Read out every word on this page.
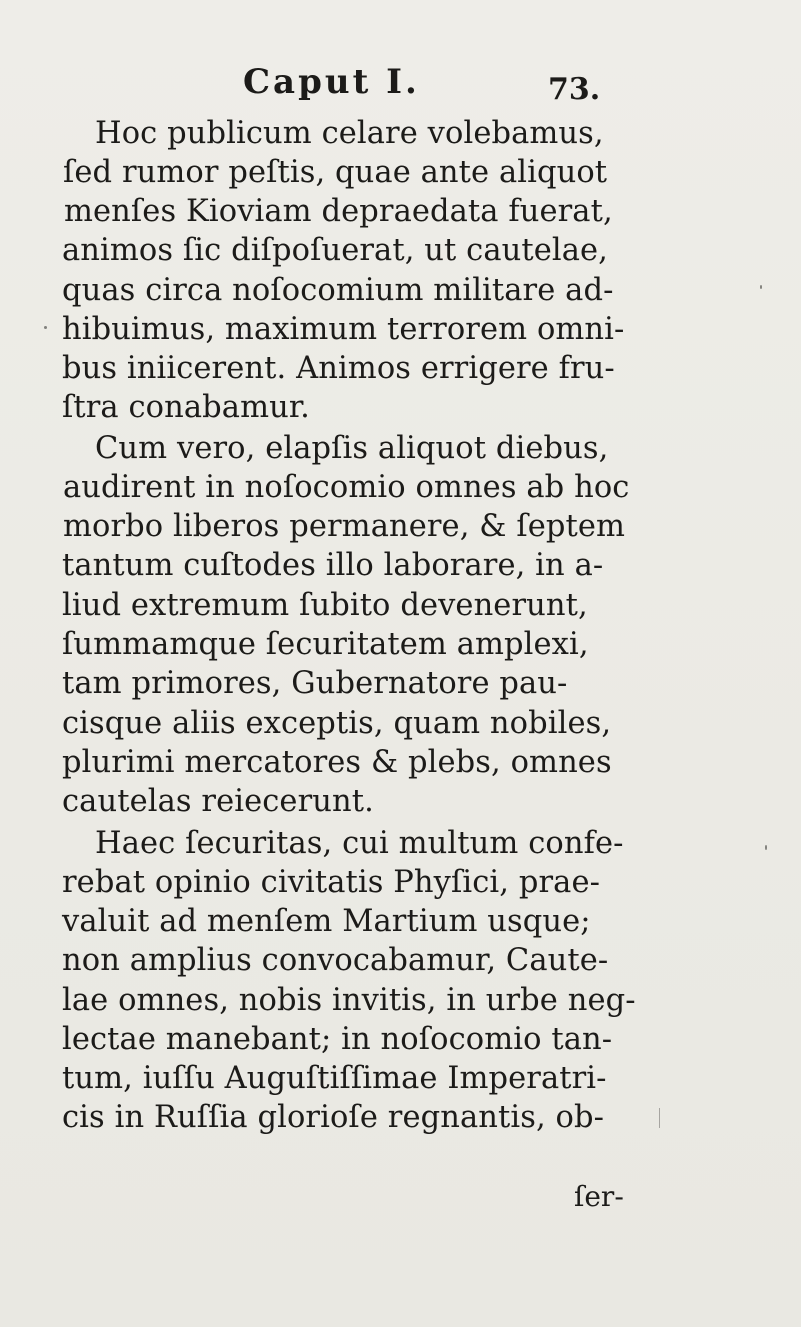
Caput I.	73.
Hoc publicum celare volebamus,
ſed rumor peſtis, quae ante aliquot
menſes Kioviam depraedata fuerat,
animos ſic diſpoſuerat, ut cautelae,
quas circa noſocomium militare ad-
hibuimus, maximum terrorem omni-
bus iniicerent. Animos errigere fru-
ſtra conabamur.
Cum vero, elapſis aliquot diebus,
audirent in noſocomio omnes ab hoc
morbo liberos permanere, & ſeptem
tantum cuſtodes illo laborare, in a-
liud extremum ſubito devenerunt,
ſummamque ſecuritatem amplexi,
tam primores, Gubernatore pau-
cisque aliis exceptis, quam nobiles,
plurimi mercatores & plebs, omnes
cautelas reiecerunt.
Haec ſecuritas, cui multum confe-
rebat opinio civitatis Phyſici, prae-
valuit ad menſem Martium usque;
non amplius convocabamur, Caute-
lae omnes, nobis invitis, in urbe neg-
lectae manebant; in noſocomio tan-
tum, iuſſu Auguſtiſſimae Imperatri-
cis in Ruſſia glorioſe regnantis, ob-
ſer-
